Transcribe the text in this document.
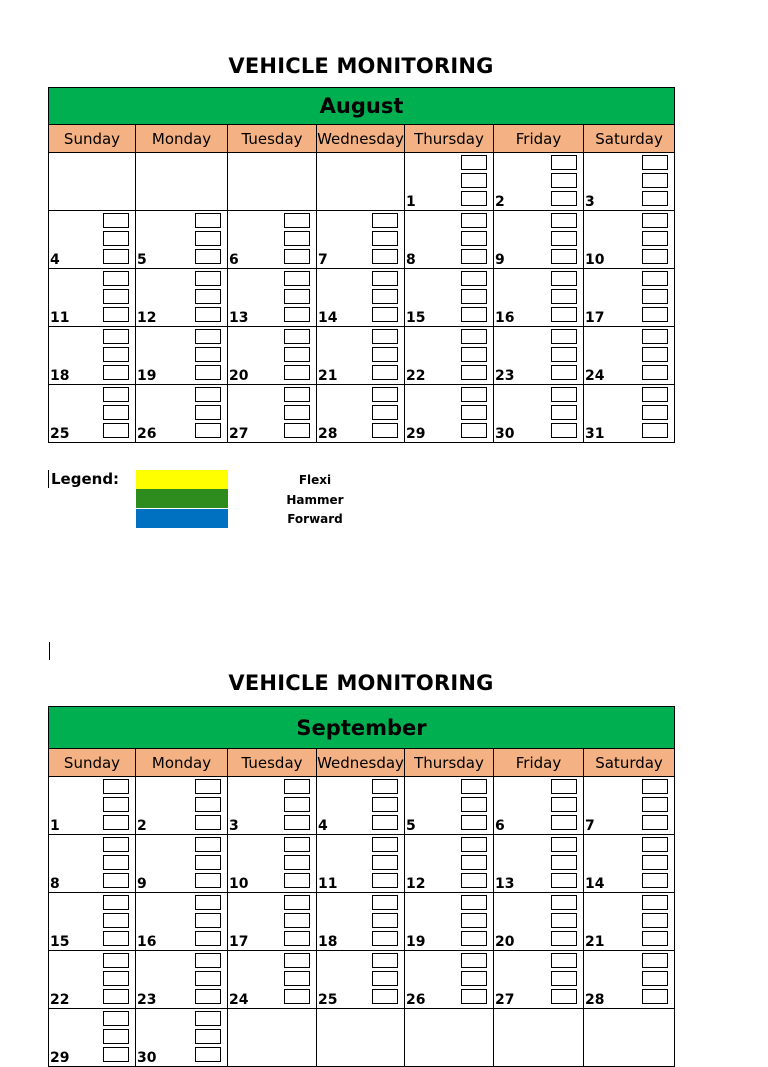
VEHICLE MONITORING
August						
Sunday	Monday	Tuesday	Wednesday	Thursday	Friday	Saturday

				1	2	3

4	5	6	7	8	9	10

11	12	13	14	15	16	17

18	19	20	21	22	23	24

25	26	27	28	29	30	31
Legend:	Flexi
Hammer
Forward
VEHICLE MONITORING
September						
Sunday	Monday	Tuesday	Wednesday	Thursday	Friday	Saturday

1	2	3	4	5	6	7

8	9	10	11	12	13	14

15	16	17	18	19	20	21

22	23	24	25	26	27	28

29	30					
